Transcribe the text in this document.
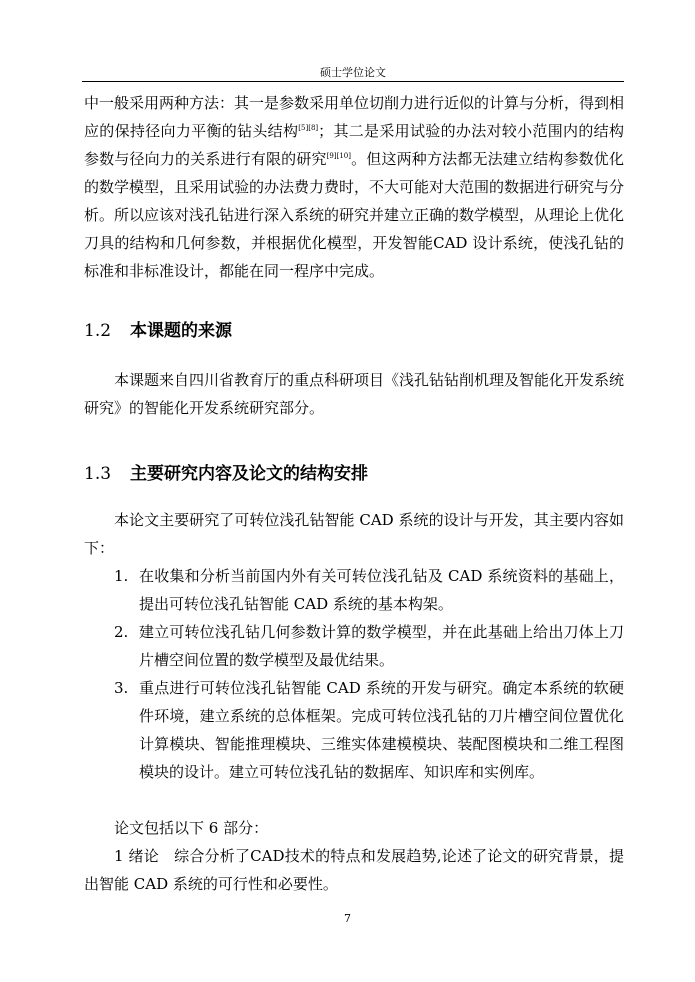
硕士学位论文

中一般采用两种方法：其一是参数采用单位切削力进行近似的计算与分析，得到相应的保持径向力平衡的钻头结构[5][8]；其二是采用试验的办法对较小范围内的结构参数与径向力的关系进行有限的研究[9][10]。但这两种方法都无法建立结构参数优化的数学模型，且采用试验的办法费力费时，不大可能对大范围的数据进行研究与分析。所以应该对浅孔钻进行深入系统的研究并建立正确的数学模型，从理论上优化刀具的结构和几何参数，并根据优化模型，开发智能CAD 设计系统，使浅孔钻的标准和非标准设计，都能在同一程序中完成。

1.2 本课题的来源

本课题来自四川省教育厅的重点科研项目《浅孔钻钻削机理及智能化开发系统研究》的智能化开发系统研究部分。

1.3 主要研究内容及论文的结构安排

本论文主要研究了可转位浅孔钻智能 CAD 系统的设计与开发，其主要内容如下：

1. 在收集和分析当前国内外有关可转位浅孔钻及 CAD 系统资料的基础上，提出可转位浅孔钻智能 CAD 系统的基本构架。
2. 建立可转位浅孔钻几何参数计算的数学模型，并在此基础上给出刀体上刀片槽空间位置的数学模型及最优结果。
3. 重点进行可转位浅孔钻智能 CAD 系统的开发与研究。确定本系统的软硬件环境，建立系统的总体框架。完成可转位浅孔钻的刀片槽空间位置优化计算模块、智能推理模块、三维实体建模模块、装配图模块和二维工程图模块的设计。建立可转位浅孔钻的数据库、知识库和实例库。

论文包括以下 6 部分：

1 绪论　综合分析了CAD技术的特点和发展趋势,论述了论文的研究背景，提出智能 CAD 系统的可行性和必要性。

7
